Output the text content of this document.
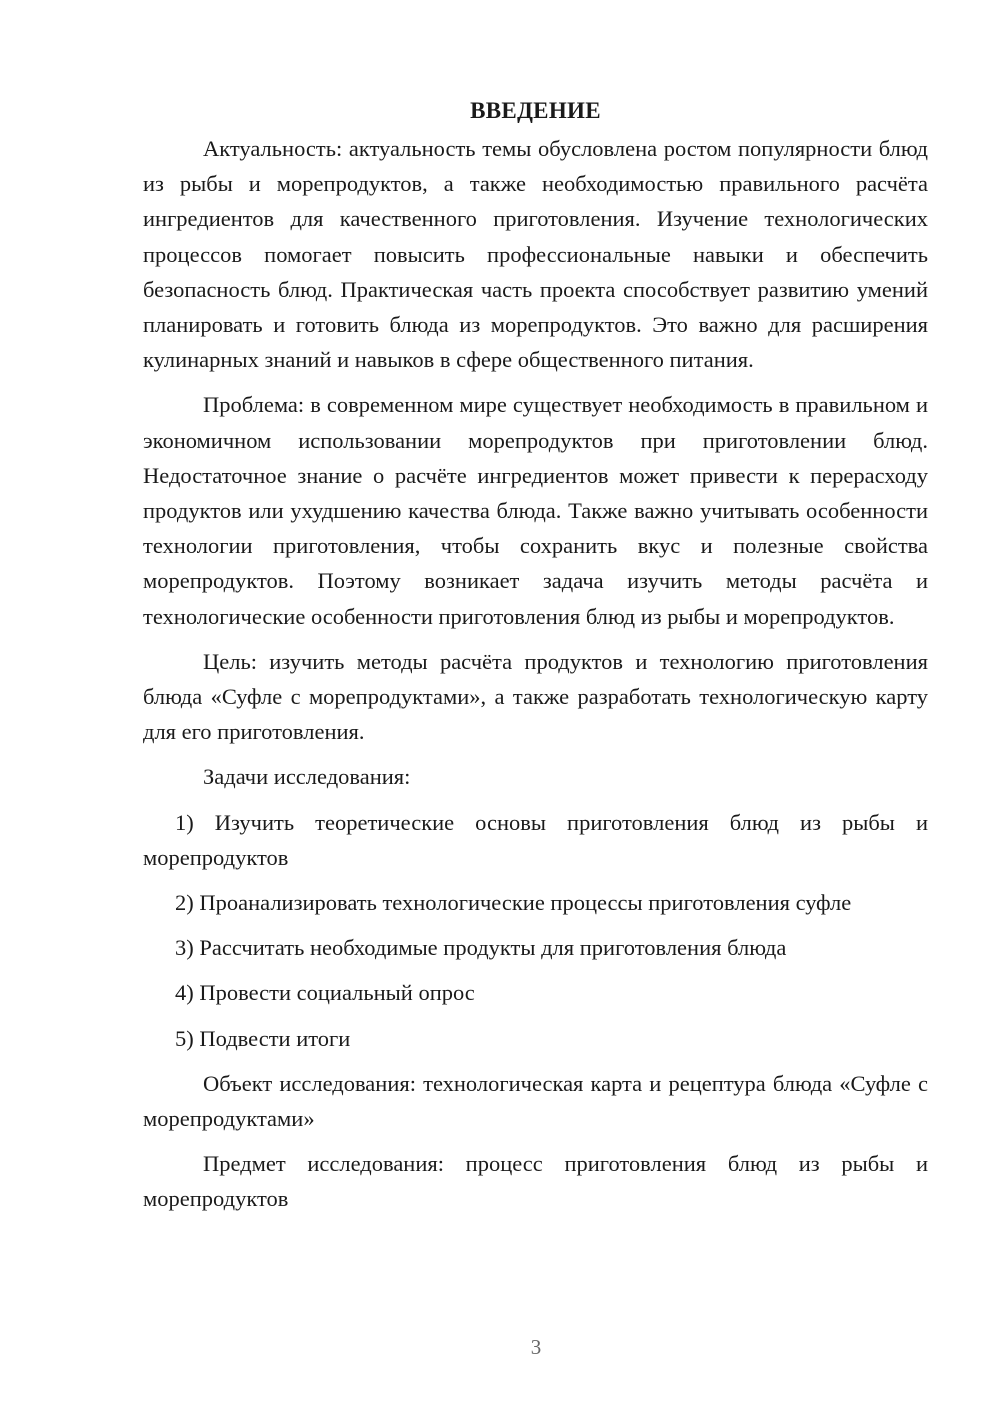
ВВЕДЕНИЕ

Актуальность: актуальность темы обусловлена ростом популярности блюд из рыбы и морепродуктов, а также необходимостью правильного расчёта ингредиентов для качественного приготовления. Изучение технологических процессов помогает повысить профессиональные навыки и обеспечить безопасность блюд. Практическая часть проекта способствует развитию умений планировать и готовить блюда из морепродуктов. Это важно для расширения кулинарных знаний и навыков в сфере общественного питания.

Проблема: в современном мире существует необходимость в правильном и экономичном использовании морепродуктов при приготовлении блюд. Недостаточное знание о расчёте ингредиентов может привести к перерасходу продуктов или ухудшению качества блюда. Также важно учитывать особенности технологии приготовления, чтобы сохранить вкус и полезные свойства морепродуктов. Поэтому возникает задача изучить методы расчёта и технологические особенности приготовления блюд из рыбы и морепродуктов.

Цель: изучить методы расчёта продуктов и технологию приготовления блюда «Суфле с морепродуктами», а также разработать технологическую карту для его приготовления.

Задачи исследования:

1) Изучить теоретические основы приготовления блюд из рыбы и морепродуктов

2) Проанализировать технологические процессы приготовления суфле

3) Рассчитать необходимые продукты для приготовления блюда

4) Провести социальный опрос

5) Подвести итоги

Объект исследования: технологическая карта и рецептура блюда «Суфле с морепродуктами»

Предмет исследования: процесс приготовления блюд из рыбы и морепродуктов

3
